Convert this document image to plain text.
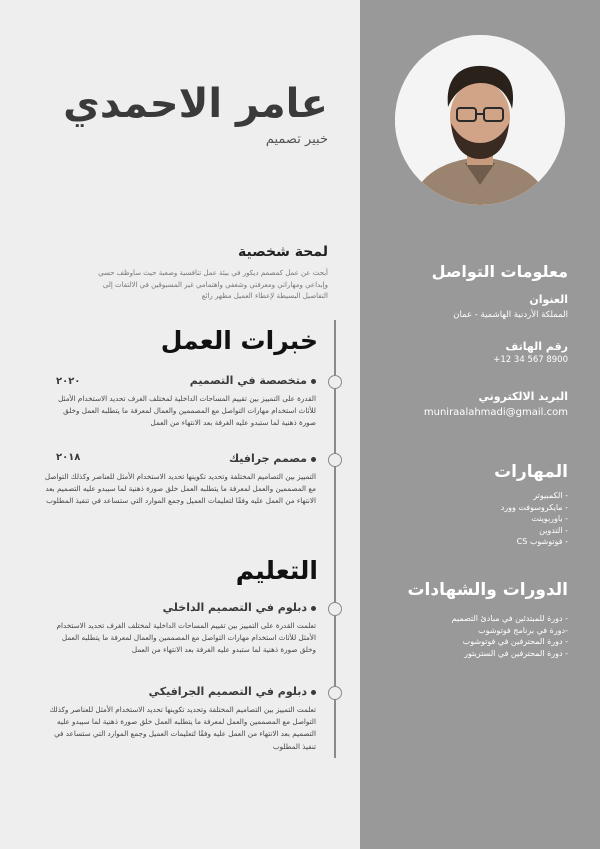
معلومات التواصل
العنوان
المملكة الأردنية الهاشمية - عمان
رقم الهاتف
+12 34 567 8900
البريد الالكتروني
muniraalahmadi@gmail.com
المهارات
- الكمبيوتر
- مايكروسوفت وورد
- باوربوينت
- التدوين
- فوتوشوب CS
الدورات والشهادات
- دورة للمبتدئين في مبادئ التصميم
-دورة في برنامج فوتوشوب
- دورة المحترفين في فوتوشوب
- دورة المحترفين في الستريتور
عامر الاحمدي
خبير تصميم
لمحة شخصية

أبحث عن عمل كمصمم ديكور في بيئة عمل تنافسية وصعبة حيث ساوظف حسي وإبداعي ومهاراتي ومعرفتي وشغفي واهتمامي غير المسبوقين في الالتفات إلى التفاصيل البسيطة لإعطاء العميل مظهر رائع

خبرات العمل
متخصصة في التصميم
٢٠٢٠

القدرة على التمييز بين تقييم المساحات الداخلية لمختلف الغرف تحديد الاستخدام الأمثل للأثاث استخدام مهارات التواصل مع المصممين والعمال لمعرفة ما يتطلبه العمل وخلق صورة ذهنية لما ستبدو عليه الغرفة بعد الانتهاء من العمل

مصمم جرافيك
٢٠١٨

التمييز بين التصاميم المختلفة وتحديد تكوينها تحديد الاستخدام الأمثل للعناصر وكذلك التواصل مع المصممين والعمل لمعرفة ما يتطلبه العمل خلق صورة ذهنية لما سيبدو عليه التصميم بعد الانتهاء من العمل عليه وفقًا لتعليمات العميل وجمع الموارد التي ستساعد في تنفيذ المطلوب

التعليم
دبلوم في التصميم الداخلي

تعلمت القدرة على التمييز بين تقييم المساحات الداخلية لمختلف الغرف تحديد الاستخدام الأمثل للأثاث استخدام مهارات التواصل مع المصممين والعمال لمعرفة ما يتطلبه العمل وخلق صورة ذهنية لما ستبدو عليه الغرفة بعد الانتهاء من العمل

دبلوم في التصميم الجرافيكي

تعلمت التمييز بين التصاميم المختلفة وتحديد تكوينها تحديد الاستخدام الأمثل للعناصر وكذلك التواصل مع المصممين والعمل لمعرفة ما يتطلبه العمل خلق صورة ذهنية لما سيبدو عليه التصميم بعد الانتهاء من العمل عليه وفقًا لتعليمات العميل وجمع الموارد التي ستساعد في تنفيذ المطلوب
